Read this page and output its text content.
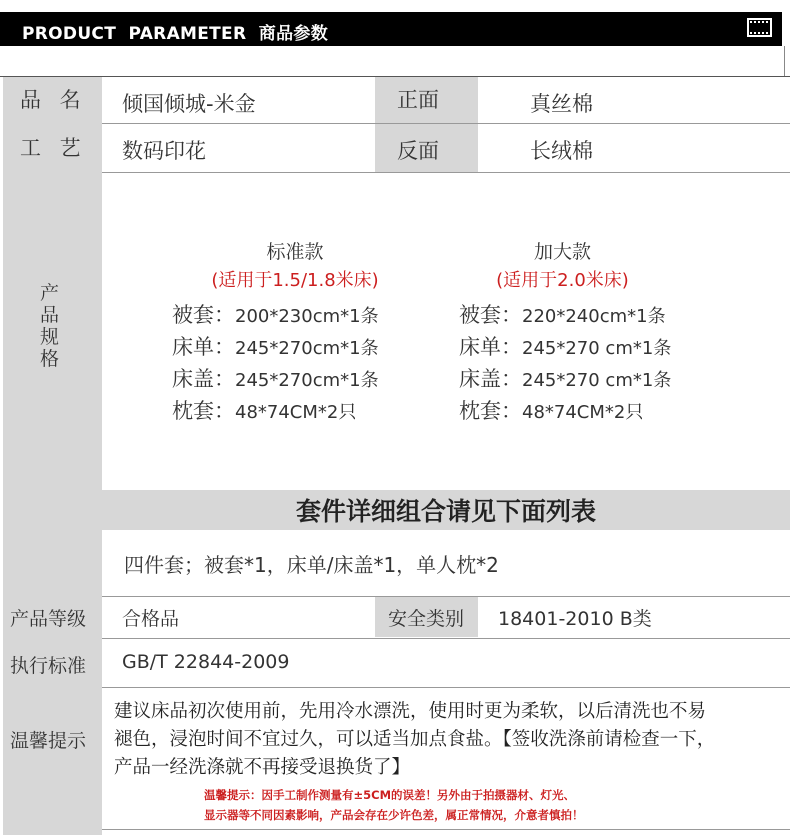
PRODUCT  PARAMETER  商品参数
品 名 倾国倾城-米金	正面	真丝棉
工 艺 数码印花	反面	长绒棉
产品规格
标准款
(适用于1.5/1.8米床)
被套：200*230cm*1条
床单：245*270cm*1条
床盖：245*270cm*1条
枕套：48*74CM*2只
加大款
(适用于2.0米床)
被套：220*240cm*1条
床单：245*270 cm*1条
床盖：245*270 cm*1条
枕套：48*74CM*2只
套件详细组合请见下面列表
四件套；被套*1，床单/床盖*1，单人枕*2
产品等级 合格品	安全类别 18401-2010 B类
执行标准 GB/T 22844-2009
温馨提示
建议床品初次使用前，先用冷水漂洗，使用时更为柔软，以后清洗也不易
褪色，浸泡时间不宜过久，可以适当加点食盐。【签收洗涤前请检查一下，
产品一经洗涤就不再接受退换货了】
温馨提示：因手工制作测量有±5CM的误差！另外由于拍摄器材、灯光、
显示器等不同因素影响，产品会存在少许色差，属正常情况，介意者慎拍！
